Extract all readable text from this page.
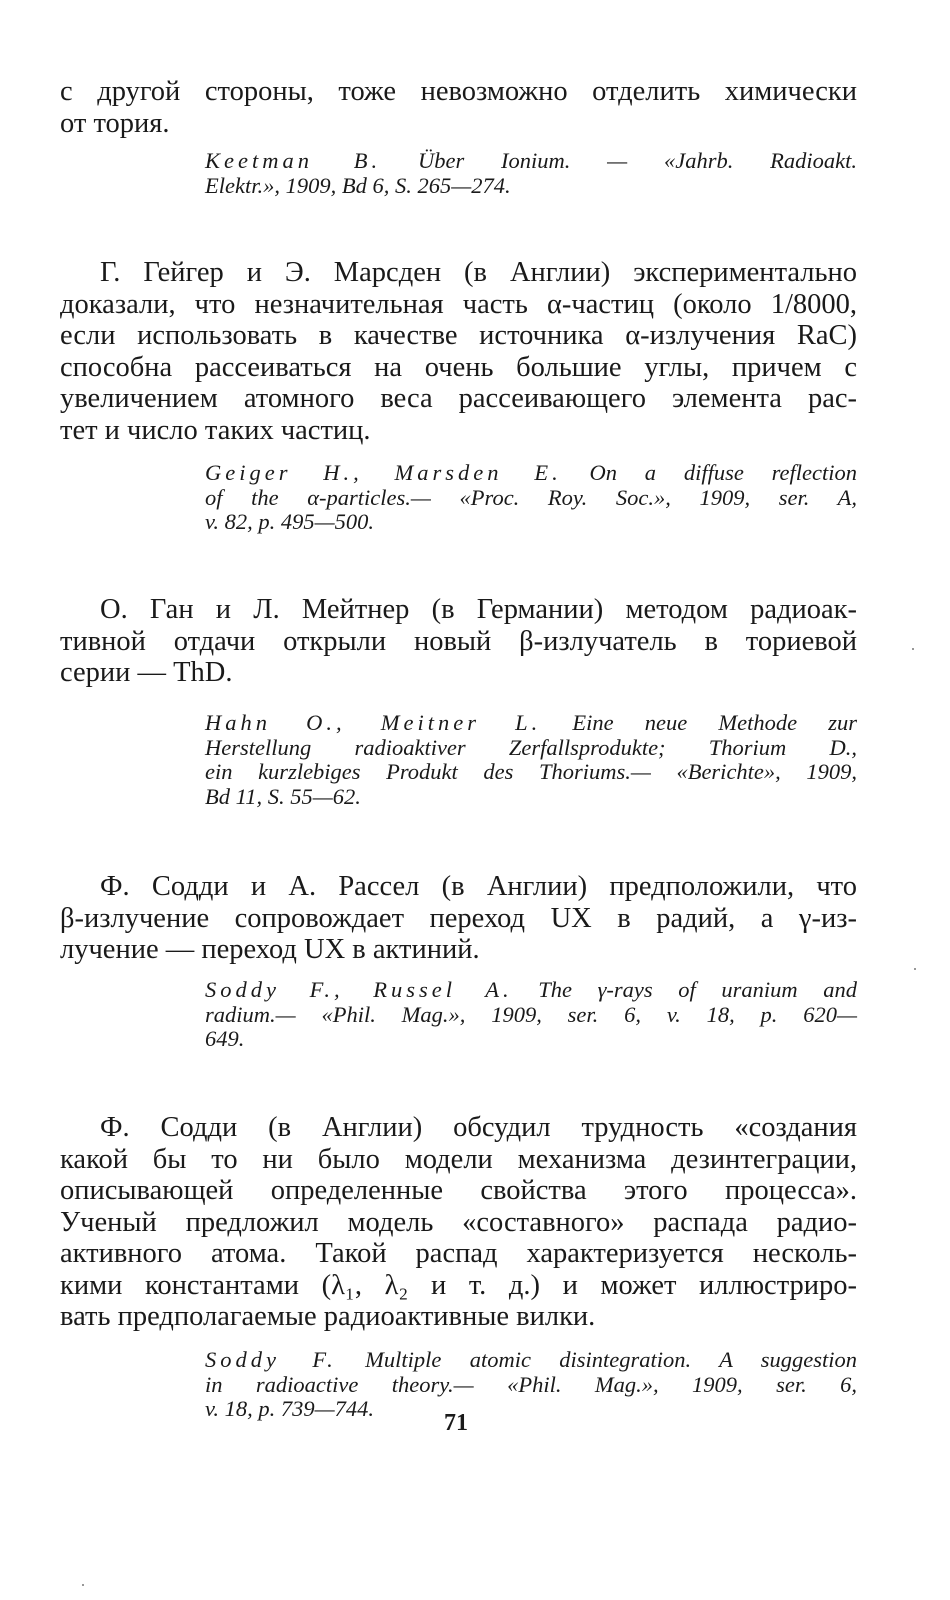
с другой стороны, тоже невозможно отделить химически
от тория.
Keetman B. Über Ionium. — «Jahrb. Radioakt.
Elektr.», 1909, Bd 6, S. 265—274.
Г. Гейгер и Э. Марсден (в Англии) экспериментально
доказали, что незначительная часть α-частиц (около 1/8000,
если использовать в качестве источника α-излучения RaC)
способна рассеиваться на очень большие углы, причем с
увеличением атомного веса рассеивающего элемента рас-
тет и число таких частиц.
Geiger H., Marsden E. On a diffuse reflection
of the α-particles.— «Proc. Roy. Soc.», 1909, ser. A,
v. 82, p. 495—500.
О. Ган и Л. Мейтнер (в Германии) методом радиоак-
тивной отдачи открыли новый β-излучатель в ториевой
серии — ThD.
Hahn O., Meitner L. Eine neue Methode zur
Herstellung radioaktiver Zerfallsprodukte; Thorium D.,
ein kurzlebiges Produkt des Thoriums.— «Berichte», 1909,
Bd 11, S. 55—62.
Ф. Содди и А. Рассел (в Англии) предположили, что
β-излучение сопровождает переход UX в радий, а γ-из-
лучение — переход UX в актиний.
Soddy F., Russel A. The γ-rays of uranium and
radium.— «Phil. Mag.», 1909, ser. 6, v. 18, p. 620—
649.
Ф. Содди (в Англии) обсудил трудность «создания
какой бы то ни было модели механизма дезинтеграции,
описывающей определенные свойства этого процесса».
Ученый предложил модель «составного» распада радио-
активного атома. Такой распад характеризуется несколь-
кими константами (λ₁, λ₂ и т. д.) и может иллюстриро-
вать предполагаемые радиоактивные вилки.
Soddy F. Multiple atomic disintegration. A suggestion
in radioactive theory.— «Phil. Mag.», 1909, ser. 6,
v. 18, p. 739—744.
71
